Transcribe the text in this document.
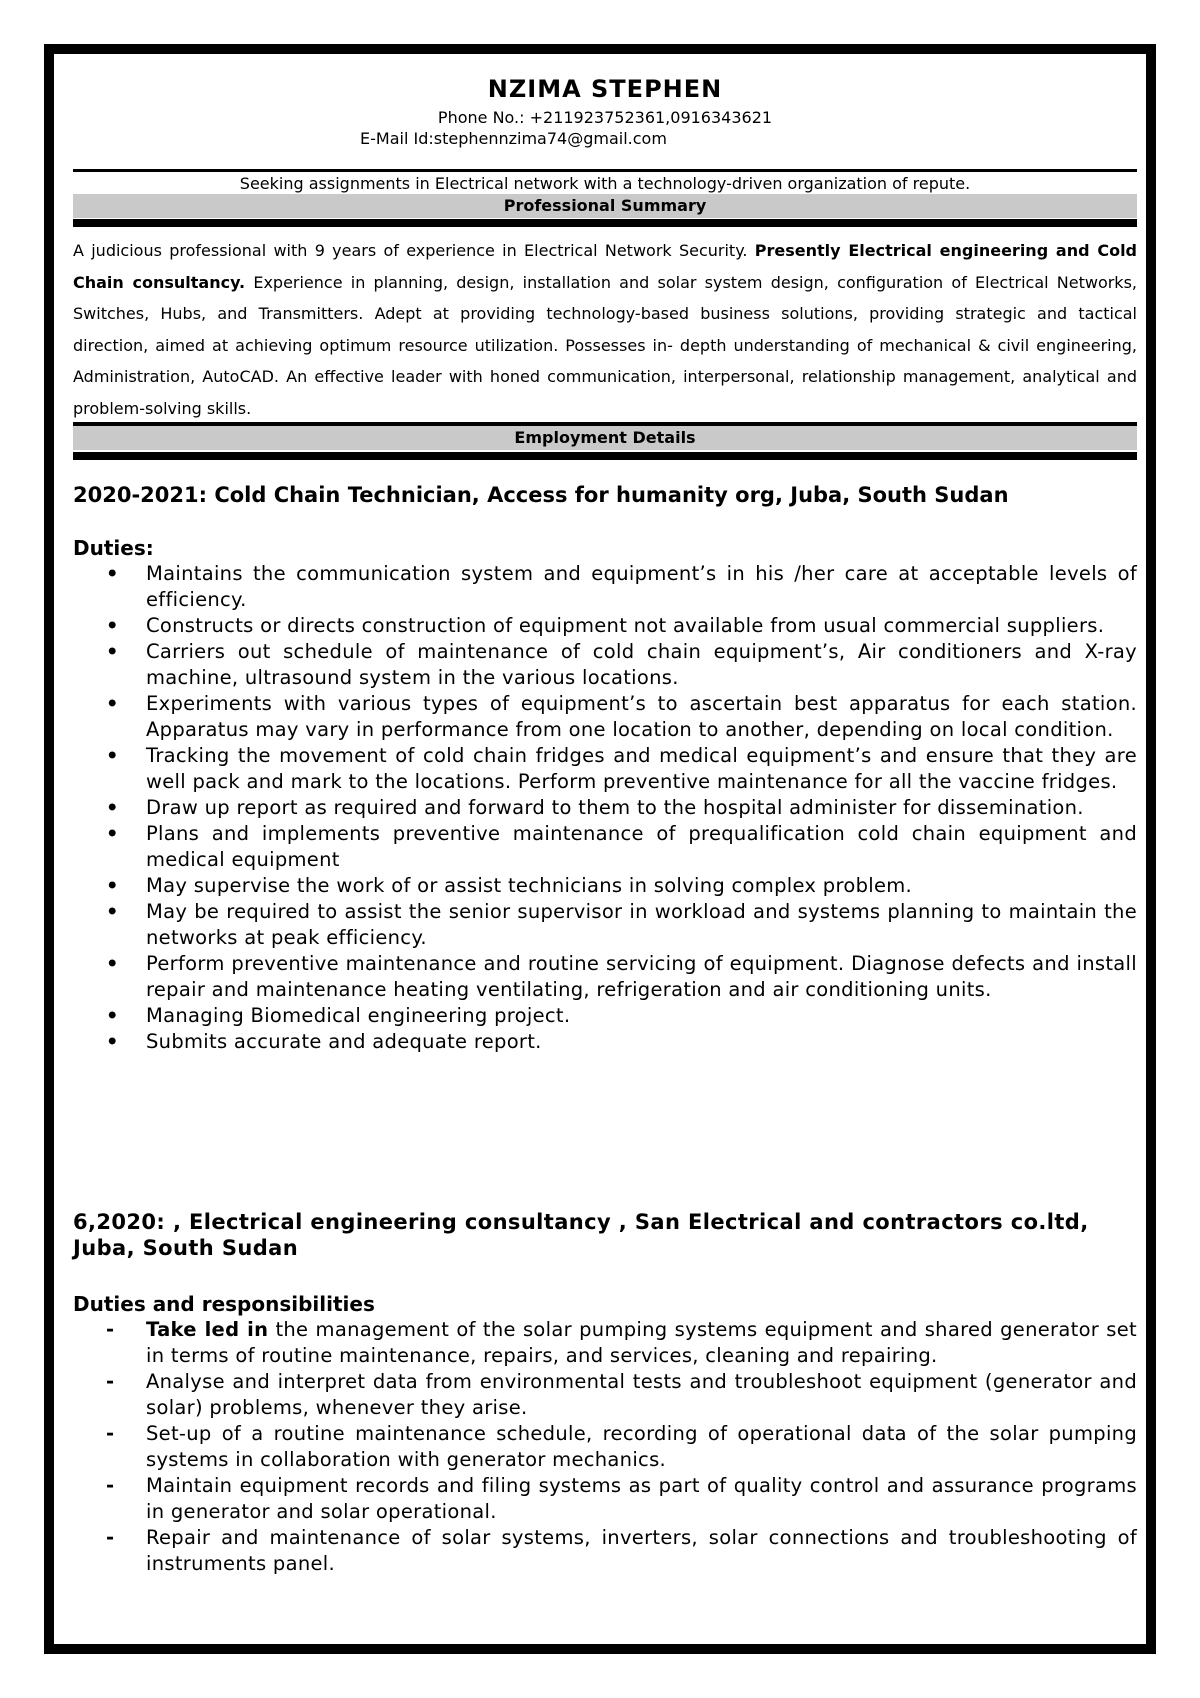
NZIMA STEPHEN
Phone No.: +211923752361,0916343621
E-Mail Id:stephennzima74@gmail.com
Seeking assignments in Electrical network with a technology-driven organization of repute.
Professional Summary
A judicious professional with 9 years of experience in Electrical Network Security. Presently Electrical engineering and Cold Chain consultancy. Experience in planning, design, installation and solar system design, configuration of Electrical Networks, Switches, Hubs, and Transmitters. Adept at providing technology-based business solutions, providing strategic and tactical direction, aimed at achieving optimum resource utilization. Possesses in- depth understanding of mechanical & civil engineering, Administration, AutoCAD. An effective leader with honed communication, interpersonal, relationship management, analytical and problem-solving skills.
Employment Details
2020-2021: Cold Chain Technician, Access for humanity org, Juba, South Sudan
Duties:
• Maintains the communication system and equipment’s in his /her care at acceptable levels of efficiency.
• Constructs or directs construction of equipment not available from usual commercial suppliers.
• Carriers out schedule of maintenance of cold chain equipment’s, Air conditioners and X-ray machine, ultrasound system in the various locations.
• Experiments with various types of equipment’s to ascertain best apparatus for each station. Apparatus may vary in performance from one location to another, depending on local condition.
• Tracking the movement of cold chain fridges and medical equipment’s and ensure that they are well pack and mark to the locations. Perform preventive maintenance for all the vaccine fridges.
• Draw up report as required and forward to them to the hospital administer for dissemination.
• Plans and implements preventive maintenance of prequalification cold chain equipment and medical equipment
• May supervise the work of or assist technicians in solving complex problem.
• May be required to assist the senior supervisor in workload and systems planning to maintain the networks at peak efficiency.
• Perform preventive maintenance and routine servicing of equipment. Diagnose defects and install repair and maintenance heating ventilating, refrigeration and air conditioning units.
• Managing Biomedical engineering project.
• Submits accurate and adequate report.
6,2020: , Electrical engineering consultancy , San Electrical and contractors co.ltd, Juba, South Sudan
Duties and responsibilities
- Take led in the management of the solar pumping systems equipment and shared generator set in terms of routine maintenance, repairs, and services, cleaning and repairing.
- Analyse and interpret data from environmental tests and troubleshoot equipment (generator and solar) problems, whenever they arise.
- Set-up of a routine maintenance schedule, recording of operational data of the solar pumping systems in collaboration with generator mechanics.
- Maintain equipment records and filing systems as part of quality control and assurance programs in generator and solar operational.
- Repair and maintenance of solar systems, inverters, solar connections and troubleshooting of instruments panel.
